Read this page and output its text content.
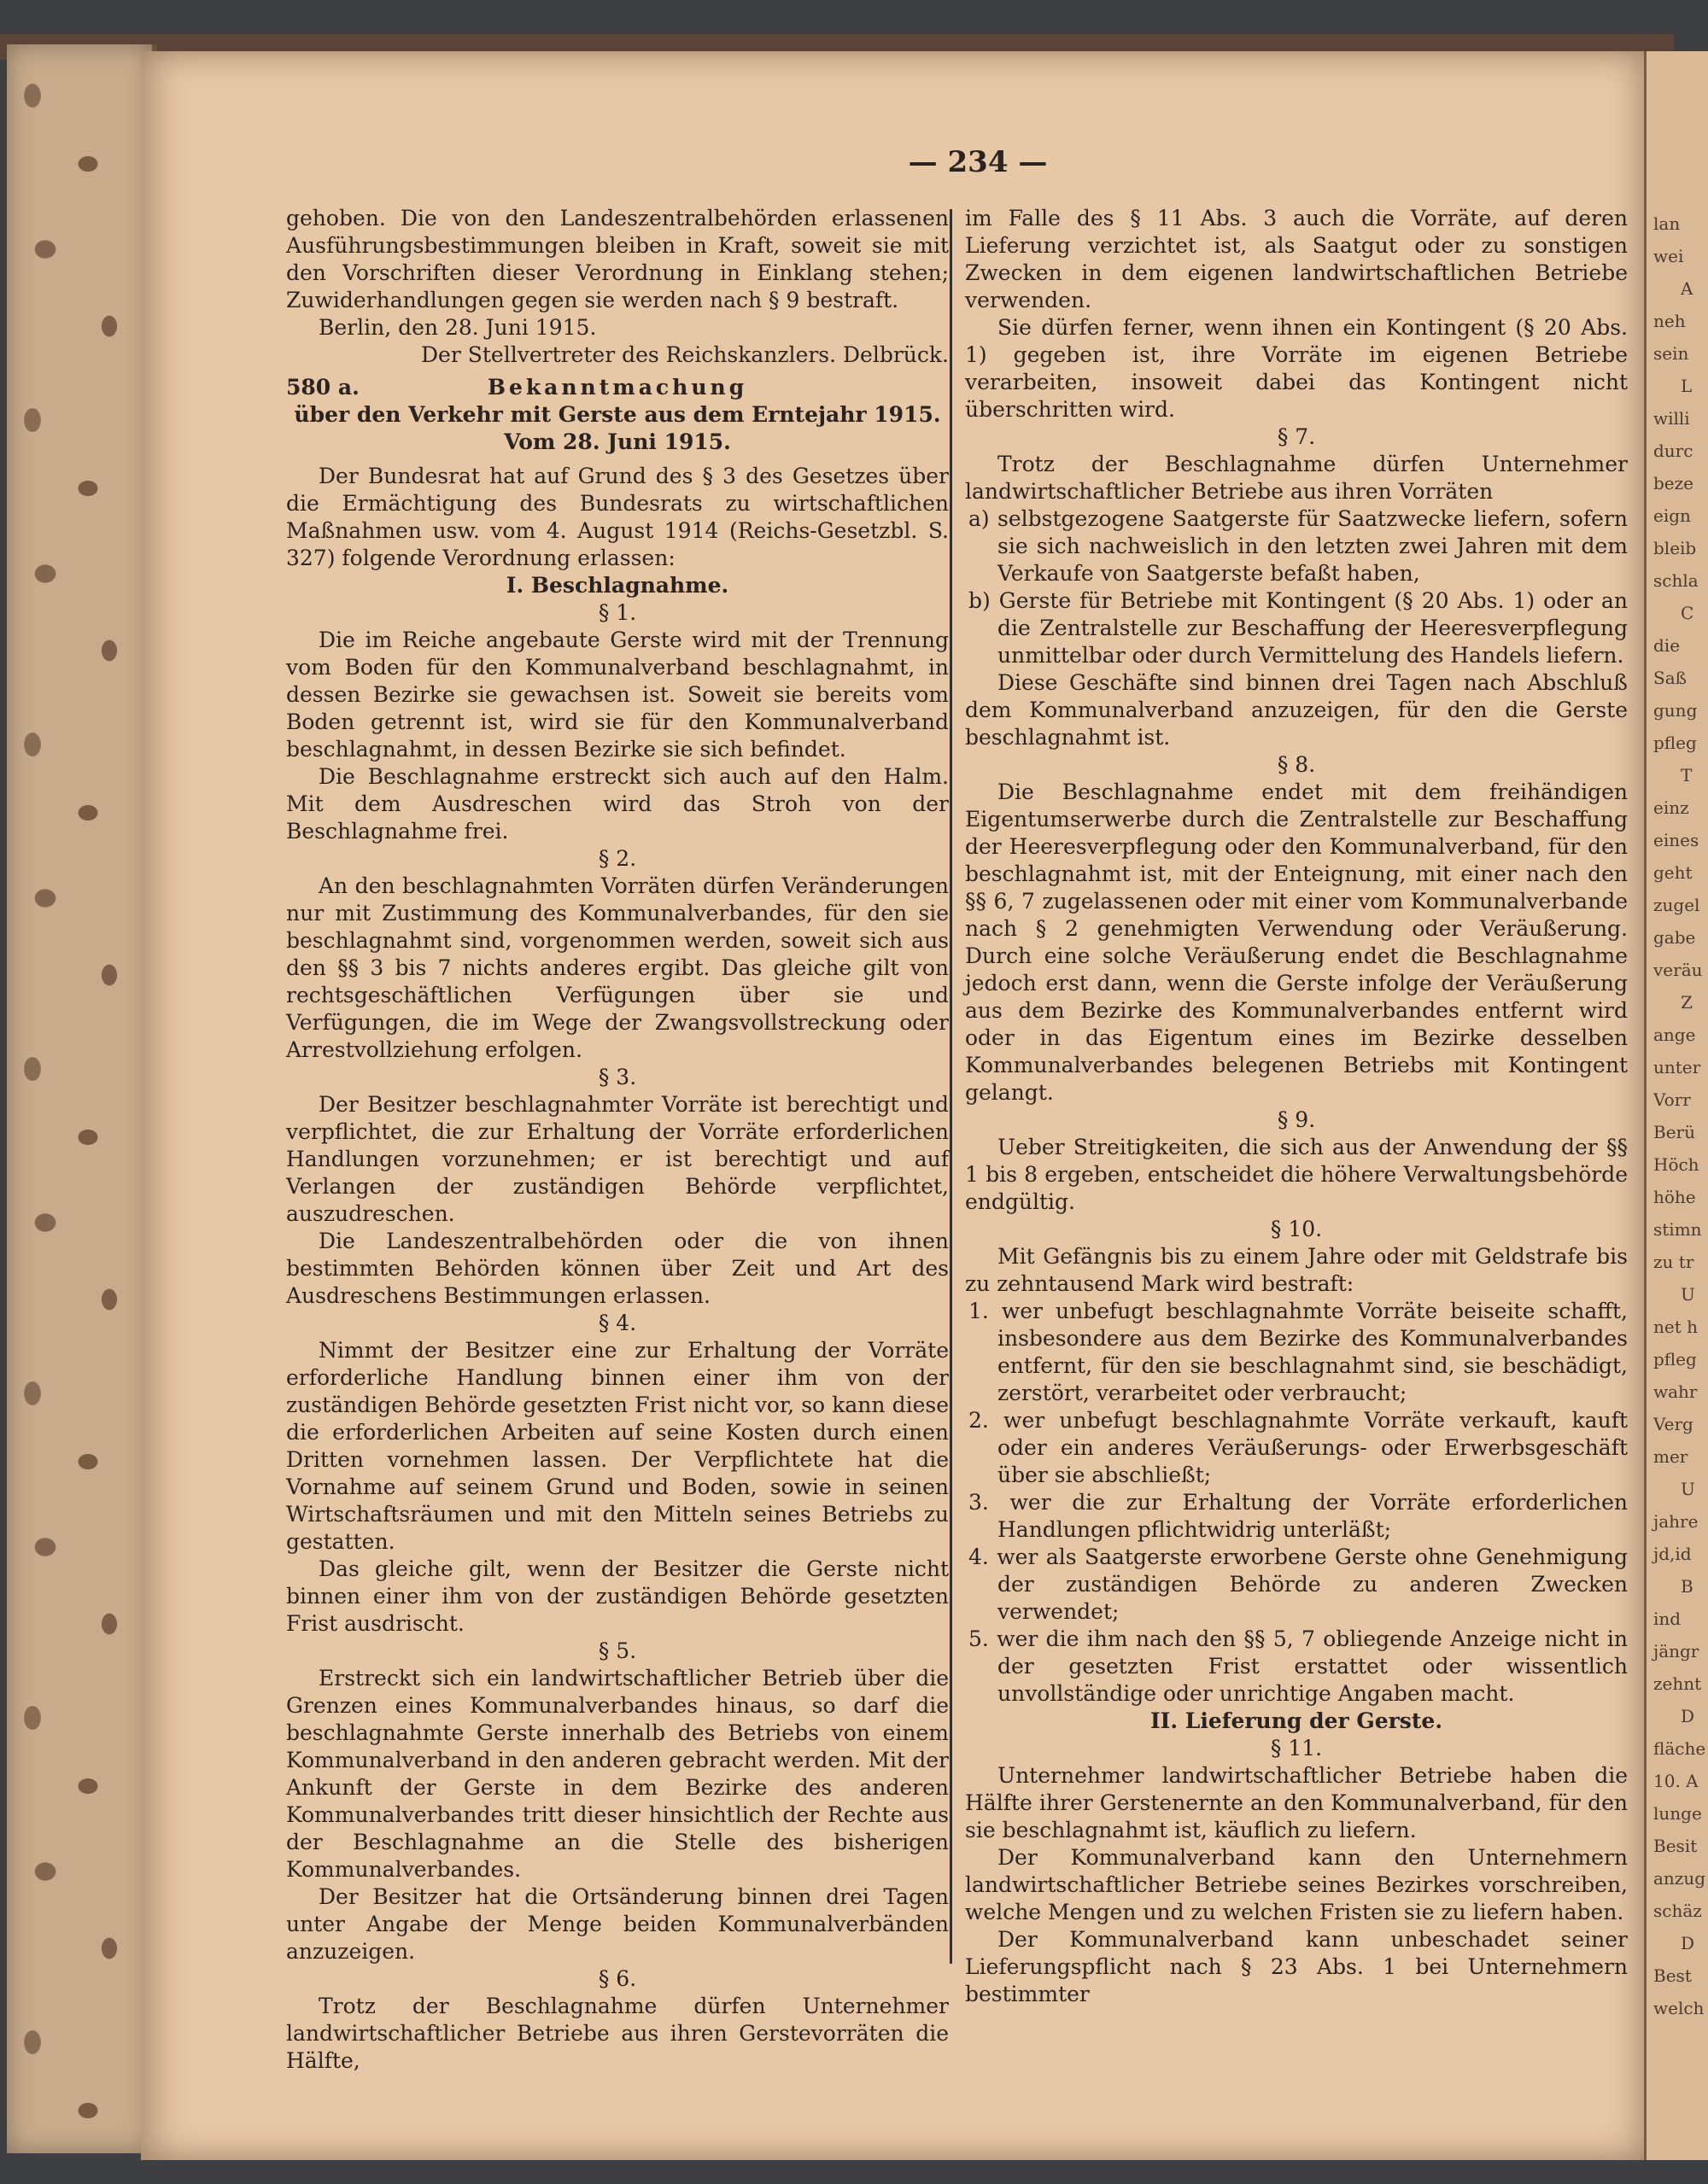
lan
wei
A
neh
sein
L
willi
durc
beze
eign
bleib
schla
C
die
Saß
gung
pfleg
T
einz
eines
geht
zugel
gabe
veräu
Z
ange
unter
Vorr
Berü
Höch
höhe
stimn
zu tr
U
net h
pfleg
wahr
Verg
mer
U
jahre
jd,id
B
ind
jängr
zehnt
D
fläche
10. A
lunge
Besit
anzug
schäz
D
Best
welch
— 234 —

gehoben. Die von den Landeszentralbehörden erlassenen Ausführungsbestimmungen bleiben in Kraft, soweit sie mit den Vorschriften dieser Verordnung in Einklang stehen; Zuwiderhandlungen gegen sie werden nach § 9 bestraft.

Berlin, den 28. Juni 1915.

Der Stellvertreter des Reichskanzlers. Delbrück.

580 a.	Bekanntmachung

über den Verkehr mit Gerste aus dem Erntejahr 1915.

Vom 28. Juni 1915.

Der Bundesrat hat auf Grund des § 3 des Gesetzes über die Ermächtigung des Bundesrats zu wirtschaftlichen Maßnahmen usw. vom 4. August 1914 (Reichs-Gesetzbl. S. 327) folgende Verordnung erlassen:

I. Beschlagnahme.

§ 1.

Die im Reiche angebaute Gerste wird mit der Trennung vom Boden für den Kommunalverband beschlagnahmt, in dessen Bezirke sie gewachsen ist. Soweit sie bereits vom Boden getrennt ist, wird sie für den Kommunalverband beschlagnahmt, in dessen Bezirke sie sich befindet.

Die Beschlagnahme erstreckt sich auch auf den Halm. Mit dem Ausdreschen wird das Stroh von der Beschlagnahme frei.

§ 2.

An den beschlagnahmten Vorräten dürfen Veränderungen nur mit Zustimmung des Kommunalverbandes, für den sie beschlagnahmt sind, vorgenommen werden, soweit sich aus den §§ 3 bis 7 nichts anderes ergibt. Das gleiche gilt von rechtsgeschäftlichen Verfügungen über sie und Verfügungen, die im Wege der Zwangsvollstreckung oder Arrestvollziehung erfolgen.

§ 3.

Der Besitzer beschlagnahmter Vorräte ist berechtigt und verpflichtet, die zur Erhaltung der Vorräte erforderlichen Handlungen vorzunehmen; er ist berechtigt und auf Verlangen der zuständigen Behörde verpflichtet, auszudreschen.

Die Landeszentralbehörden oder die von ihnen bestimmten Behörden können über Zeit und Art des Ausdreschens Bestimmungen erlassen.

§ 4.

Nimmt der Besitzer eine zur Erhaltung der Vorräte erforderliche Handlung binnen einer ihm von der zuständigen Behörde gesetzten Frist nicht vor, so kann diese die erforderlichen Arbeiten auf seine Kosten durch einen Dritten vornehmen lassen. Der Verpflichtete hat die Vornahme auf seinem Grund und Boden, sowie in seinen Wirtschaftsräumen und mit den Mitteln seines Betriebs zu gestatten.

Das gleiche gilt, wenn der Besitzer die Gerste nicht binnen einer ihm von der zuständigen Behörde gesetzten Frist ausdrischt.

§ 5.

Erstreckt sich ein landwirtschaftlicher Betrieb über die Grenzen eines Kommunalverbandes hinaus, so darf die beschlagnahmte Gerste innerhalb des Betriebs von einem Kommunalverband in den anderen gebracht werden. Mit der Ankunft der Gerste in dem Bezirke des anderen Kommunalverbandes tritt dieser hinsichtlich der Rechte aus der Beschlagnahme an die Stelle des bisherigen Kommunalverbandes.

Der Besitzer hat die Ortsänderung binnen drei Tagen unter Angabe der Menge beiden Kommunalverbänden anzuzeigen.

§ 6.

Trotz der Beschlagnahme dürfen Unternehmer landwirtschaftlicher Betriebe aus ihren Gerstevorräten die Hälfte,

im Falle des § 11 Abs. 3 auch die Vorräte, auf deren Lieferung verzichtet ist, als Saatgut oder zu sonstigen Zwecken in dem eigenen landwirtschaftlichen Betriebe verwenden.

Sie dürfen ferner, wenn ihnen ein Kontingent (§ 20 Abs. 1) gegeben ist, ihre Vorräte im eigenen Betriebe verarbeiten, insoweit dabei das Kontingent nicht überschritten wird.

§ 7.

Trotz der Beschlagnahme dürfen Unternehmer landwirtschaftlicher Betriebe aus ihren Vorräten

a) selbstgezogene Saatgerste für Saatzwecke liefern, sofern sie sich nachweislich in den letzten zwei Jahren mit dem Verkaufe von Saatgerste befaßt haben,

b) Gerste für Betriebe mit Kontingent (§ 20 Abs. 1) oder an die Zentralstelle zur Beschaffung der Heeresverpflegung unmittelbar oder durch Vermittelung des Handels liefern.

Diese Geschäfte sind binnen drei Tagen nach Abschluß dem Kommunalverband anzuzeigen, für den die Gerste beschlagnahmt ist.

§ 8.

Die Beschlagnahme endet mit dem freihändigen Eigentumserwerbe durch die Zentralstelle zur Beschaffung der Heeresverpflegung oder den Kommunalverband, für den beschlagnahmt ist, mit der Enteignung, mit einer nach den §§ 6, 7 zugelassenen oder mit einer vom Kommunalverbande nach § 2 genehmigten Verwendung oder Veräußerung. Durch eine solche Veräußerung endet die Beschlagnahme jedoch erst dann, wenn die Gerste infolge der Veräußerung aus dem Bezirke des Kommunalverbandes entfernt wird oder in das Eigentum eines im Bezirke desselben Kommunalverbandes belegenen Betriebs mit Kontingent gelangt.

§ 9.

Ueber Streitigkeiten, die sich aus der Anwendung der §§ 1 bis 8 ergeben, entscheidet die höhere Verwaltungsbehörde endgültig.

§ 10.

Mit Gefängnis bis zu einem Jahre oder mit Geldstrafe bis zu zehntausend Mark wird bestraft:

1. wer unbefugt beschlagnahmte Vorräte beiseite schafft, insbesondere aus dem Bezirke des Kommunalverbandes entfernt, für den sie beschlagnahmt sind, sie beschädigt, zerstört, verarbeitet oder verbraucht;

2. wer unbefugt beschlagnahmte Vorräte verkauft, kauft oder ein anderes Veräußerungs- oder Erwerbsgeschäft über sie abschließt;

3. wer die zur Erhaltung der Vorräte erforderlichen Handlungen pflichtwidrig unterläßt;

4. wer als Saatgerste erworbene Gerste ohne Genehmigung der zuständigen Behörde zu anderen Zwecken verwendet;

5. wer die ihm nach den §§ 5, 7 obliegende Anzeige nicht in der gesetzten Frist erstattet oder wissentlich unvollständige oder unrichtige Angaben macht.

II. Lieferung der Gerste.

§ 11.

Unternehmer landwirtschaftlicher Betriebe haben die Hälfte ihrer Gerstenernte an den Kommunalverband, für den sie beschlagnahmt ist, käuflich zu liefern.

Der Kommunalverband kann den Unternehmern landwirtschaftlicher Betriebe seines Bezirkes vorschreiben, welche Mengen und zu welchen Fristen sie zu liefern haben.

Der Kommunalverband kann unbeschadet seiner Lieferungspflicht nach § 23 Abs. 1 bei Unternehmern bestimmter
